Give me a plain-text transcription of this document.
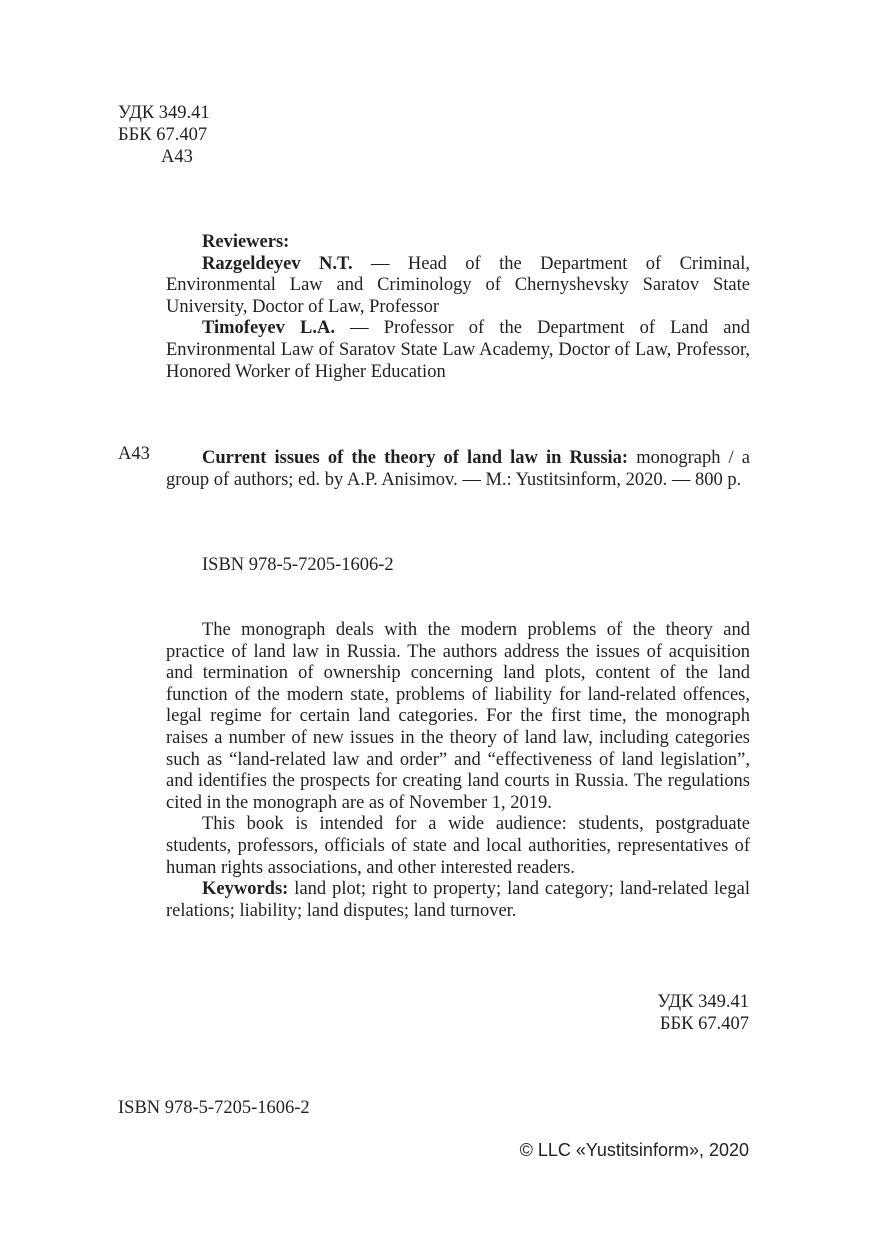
УДК 349.41
ББК 67.407
А43

Reviewers:

Razgeldeyev N.T. — Head of the Department of Criminal, Environmental Law and Criminology of Chernyshevsky Saratov State University, Doctor of Law, Professor

Timofeyev L.A. — Professor of the Department of Land and Environmental Law of Saratov State Law Academy, Doctor of Law, Professor, Honored Worker of Higher Education

А43	Current issues of the theory of land law in Russia: monograph / a group of authors; ed. by A.P. Anisimov. — M.: Yustitsinform, 2020. — 800 p.

ISBN 978-5-7205-1606-2

The monograph deals with the modern problems of the theory and practice of land law in Russia. The authors address the issues of acquisition and termination of ownership concerning land plots, content of the land function of the modern state, problems of liability for land-related offences, legal regime for certain land categories. For the first time, the monograph raises a number of new issues in the theory of land law, including categories such as “land-related law and order” and “effectiveness of land legislation”, and identifies the prospects for creating land courts in Russia. The regulations cited in the monograph are as of November 1, 2019.

This book is intended for a wide audience: students, postgraduate students, professors, officials of state and local authorities, representatives of human rights associations, and other interested readers.

Keywords: land plot; right to property; land category; land-related legal relations; liability; land disputes; land turnover.

УДК 349.41
ББК 67.407
ISBN 978-5-7205-1606-2
© LLC «Yustitsinform», 2020
